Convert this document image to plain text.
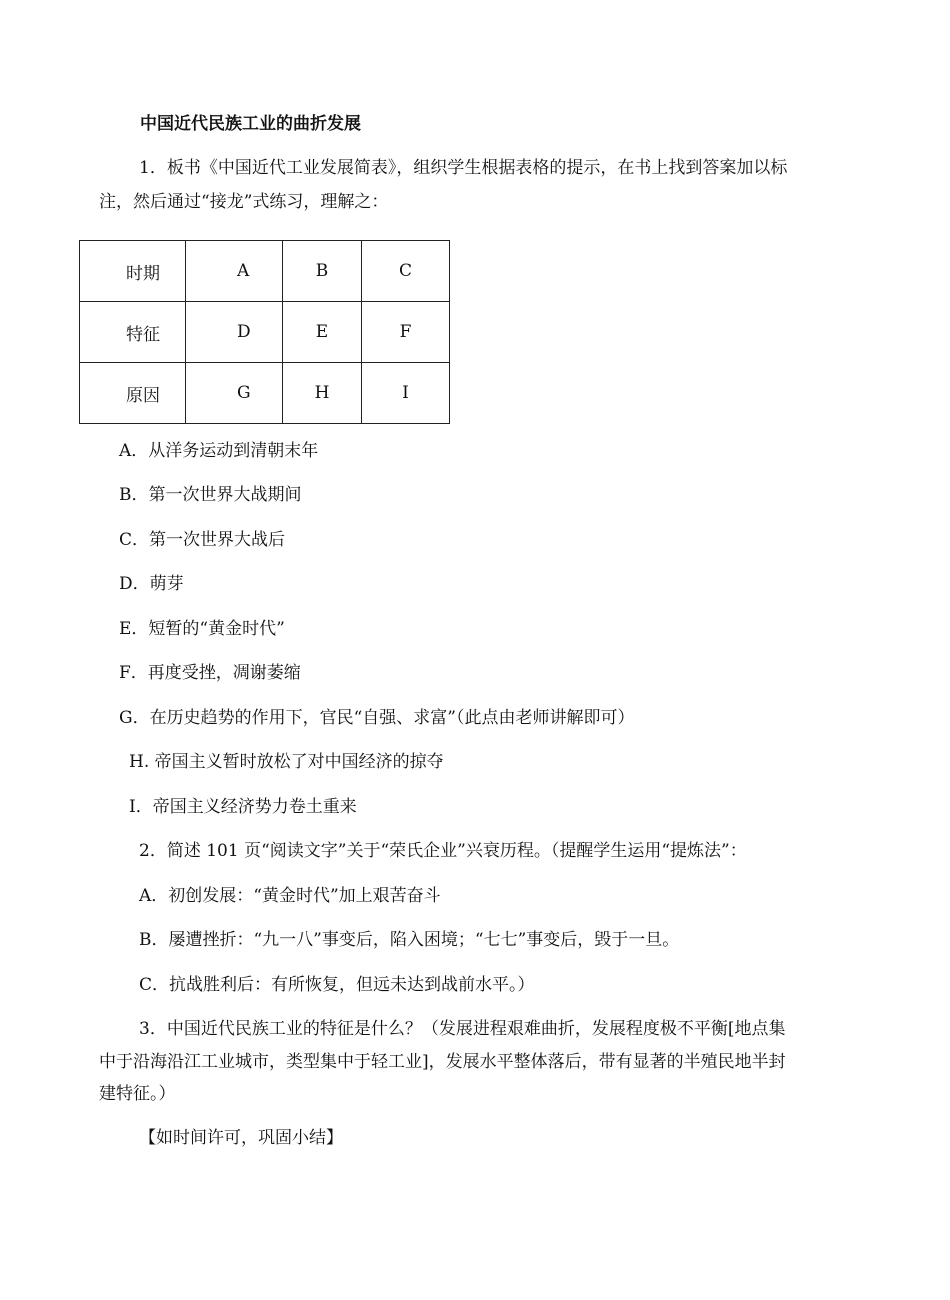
中国近代民族工业的曲折发展
1．板书《中国近代工业发展简表》，组织学生根据表格的提示，在书上找到答案加以标
注，然后通过“接龙”式练习，理解之：
时期	A	B	C
特征	D	E	F
原因	G	H	I
A．从洋务运动到清朝末年
B．第一次世界大战期间
C．第一次世界大战后
D．萌芽
E．短暂的“黄金时代”
F．再度受挫，凋谢萎缩
G．在历史趋势的作用下，官民“自强、求富”（此点由老师讲解即可）
H. 帝国主义暂时放松了对中国经济的掠夺
I．帝国主义经济势力卷土重来
2．简述 101 页“阅读文字”关于“荣氏企业”兴衰历程。（提醒学生运用“提炼法”：
A．初创发展：“黄金时代”加上艰苦奋斗
B．屡遭挫折：“九一八”事变后，陷入困境；“七七”事变后，毁于一旦。
C．抗战胜利后：有所恢复，但远未达到战前水平。）
3．中国近代民族工业的特征是什么？（发展进程艰难曲折，发展程度极不平衡[地点集
中于沿海沿江工业城市，类型集中于轻工业]，发展水平整体落后，带有显著的半殖民地半封
建特征。）
【如时间许可，巩固小结】
